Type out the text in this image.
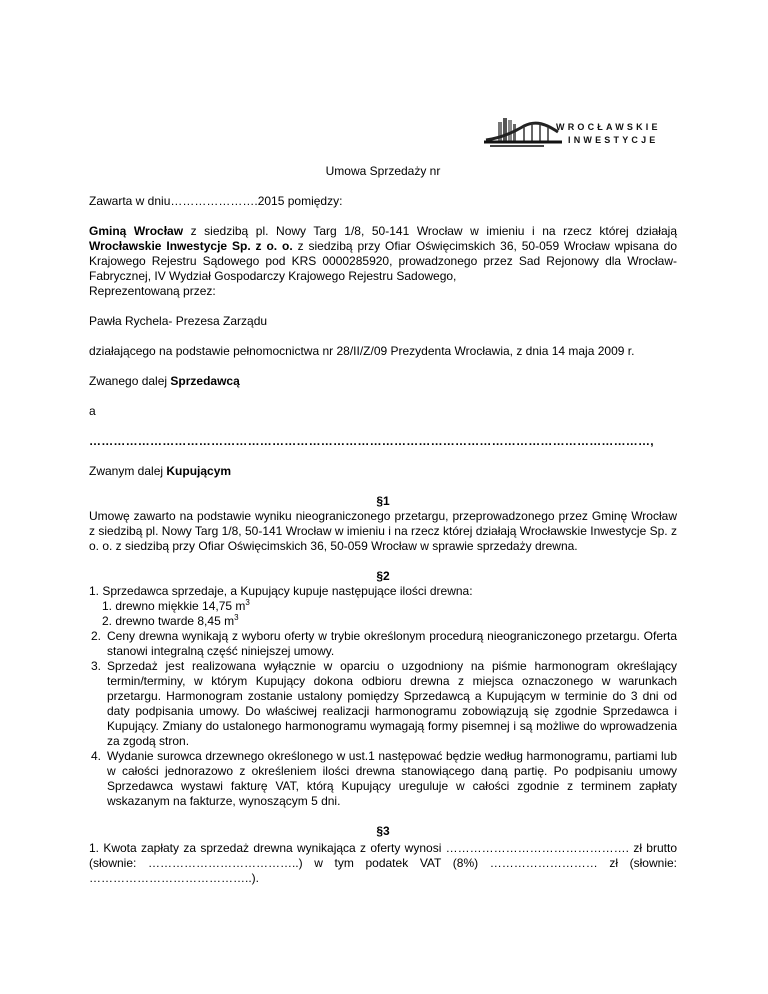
WROCŁAWSKIE
INWESTYCJE
Umowa Sprzedaży nr
Zawarta w dniu………………….2015 pomiędzy:
Gminą Wrocław z siedzibą pl. Nowy Targ 1/8, 50-141 Wrocław w imieniu i na rzecz której działają Wrocławskie Inwestycje Sp. z o. o. z siedzibą przy Ofiar Oświęcimskich 36, 50-059 Wrocław wpisana do Krajowego Rejestru Sądowego pod KRS 0000285920, prowadzonego przez Sad Rejonowy dla Wrocław- Fabrycznej, IV Wydział Gospodarczy Krajowego Rejestru Sadowego,
Reprezentowaną przez:
Pawła Rychela- Prezesa Zarządu
działającego na podstawie pełnomocnictwa nr 28/II/Z/09 Prezydenta Wrocławia, z dnia 14 maja 2009 r.
Zwanego dalej Sprzedawcą
a
…………………………………………………………………………………………………………………………,
Zwanym dalej Kupującym
§1
Umowę zawarto na podstawie wyniku nieograniczonego przetargu, przeprowadzonego przez Gminę Wrocław z siedzibą pl. Nowy Targ 1/8, 50-141 Wrocław w imieniu i na rzecz której działają Wrocławskie Inwestycje Sp. z o. o. z siedzibą przy Ofiar Oświęcimskich 36, 50-059 Wrocław w sprawie sprzedaży drewna.
§2
1. Sprzedawca sprzedaje, a Kupujący kupuje następujące ilości drewna:
1. drewno miękkie 14,75 $m^3$
2. drewno twarde 8,45 $m^3$
2. Ceny drewna wynikają z wyboru oferty w trybie określonym procedurą nieograniczonego przetargu. Oferta stanowi integralną część niniejszej umowy.
3. Sprzedaż jest realizowana wyłącznie w oparciu o uzgodniony na piśmie harmonogram określający termin/terminy, w którym Kupujący dokona odbioru drewna z miejsca oznaczonego w warunkach przetargu. Harmonogram zostanie ustalony pomiędzy Sprzedawcą a Kupującym w terminie do 3 dni od daty podpisania umowy. Do właściwej realizacji harmonogramu zobowiązują się zgodnie Sprzedawca i Kupujący. Zmiany do ustalonego harmonogramu wymagają formy pisemnej i są możliwe do wprowadzenia za zgodą stron.
4. Wydanie surowca drzewnego określonego w ust.1 następować będzie według harmonogramu, partiami lub w całości jednorazowo z określeniem ilości drewna stanowiącego daną partię. Po podpisaniu umowy Sprzedawca wystawi fakturę VAT, którą Kupujący ureguluje w całości zgodnie z terminem zapłaty wskazanym na fakturze, wynoszącym 5 dni.
§3
1. Kwota zapłaty za sprzedaż drewna wynikająca z oferty wynosi ………………………………………. zł brutto (słownie: ………………………………..) w tym podatek VAT (8%) ……………………… zł (słownie: …………………………………..).
